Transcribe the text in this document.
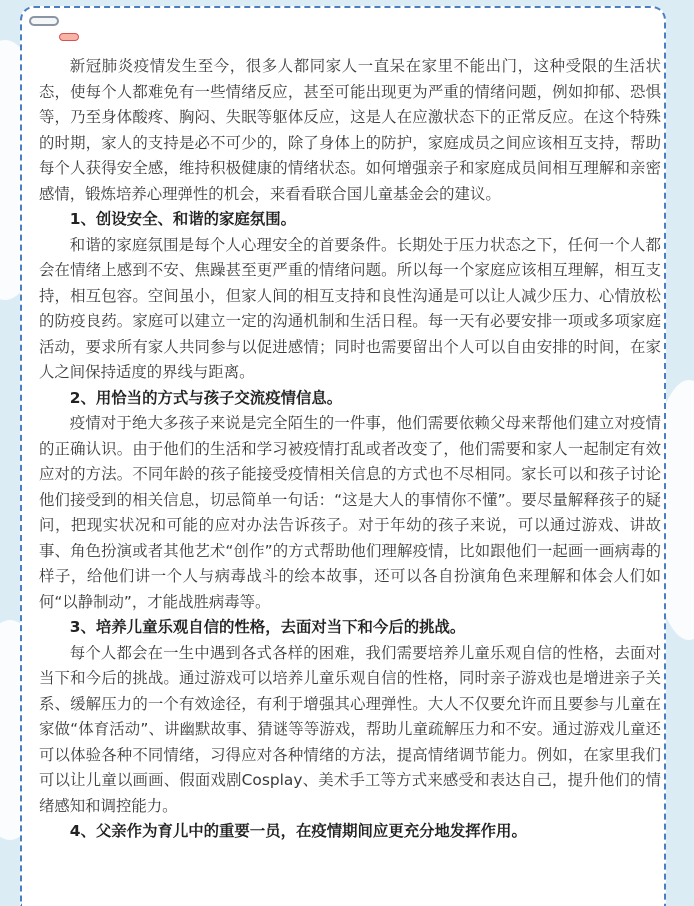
新冠肺炎疫情发生至今，很多人都同家人一直呆在家里不能出门，这种受限的生活状态，使每个人都难免有一些情绪反应，甚至可能出现更为严重的情绪问题，例如抑郁、恐惧等，乃至身体酸疼、胸闷、失眠等躯体反应，这是人在应激状态下的正常反应。在这个特殊的时期，家人的支持是必不可少的，除了身体上的防护，家庭成员之间应该相互支持，帮助每个人获得安全感，维持积极健康的情绪状态。如何增强亲子和家庭成员间相互理解和亲密感情，锻炼培养心理弹性的机会，来看看联合国儿童基金会的建议。

1、创设安全、和谐的家庭氛围。

和谐的家庭氛围是每个人心理安全的首要条件。长期处于压力状态之下，任何一个人都会在情绪上感到不安、焦躁甚至更严重的情绪问题。所以每一个家庭应该相互理解，相互支持，相互包容。空间虽小，但家人间的相互支持和良性沟通是可以让人减少压力、心情放松的防疫良药。家庭可以建立一定的沟通机制和生活日程。每一天有必要安排一项或多项家庭活动，要求所有家人共同参与以促进感情；同时也需要留出个人可以自由安排的时间，在家人之间保持适度的界线与距离。

2、用恰当的方式与孩子交流疫情信息。

疫情对于绝大多孩子来说是完全陌生的一件事，他们需要依赖父母来帮他们建立对疫情的正确认识。由于他们的生活和学习被疫情打乱或者改变了，他们需要和家人一起制定有效应对的方法。不同年龄的孩子能接受疫情相关信息的方式也不尽相同。家长可以和孩子讨论他们接受到的相关信息，切忌简单一句话：“这是大人的事情你不懂”。要尽量解释孩子的疑问，把现实状况和可能的应对办法告诉孩子。对于年幼的孩子来说，可以通过游戏、讲故事、角色扮演或者其他艺术“创作”的方式帮助他们理解疫情，比如跟他们一起画一画病毒的样子，给他们讲一个人与病毒战斗的绘本故事，还可以各自扮演角色来理解和体会人们如何“以静制动”，才能战胜病毒等。

3、培养儿童乐观自信的性格，去面对当下和今后的挑战。

每个人都会在一生中遇到各式各样的困难，我们需要培养儿童乐观自信的性格，去面对当下和今后的挑战。通过游戏可以培养儿童乐观自信的性格，同时亲子游戏也是增进亲子关系、缓解压力的一个有效途径，有利于增强其心理弹性。大人不仅要允许而且要参与儿童在家做“体育活动”、讲幽默故事、猜谜等等游戏，帮助儿童疏解压力和不安。通过游戏儿童还可以体验各种不同情绪，习得应对各种情绪的方法，提高情绪调节能力。例如，在家里我们可以让儿童以画画、假面戏剧Cosplay、美术手工等方式来感受和表达自己，提升他们的情绪感知和调控能力。

4、父亲作为育儿中的重要一员，在疫情期间应更充分地发挥作用。
